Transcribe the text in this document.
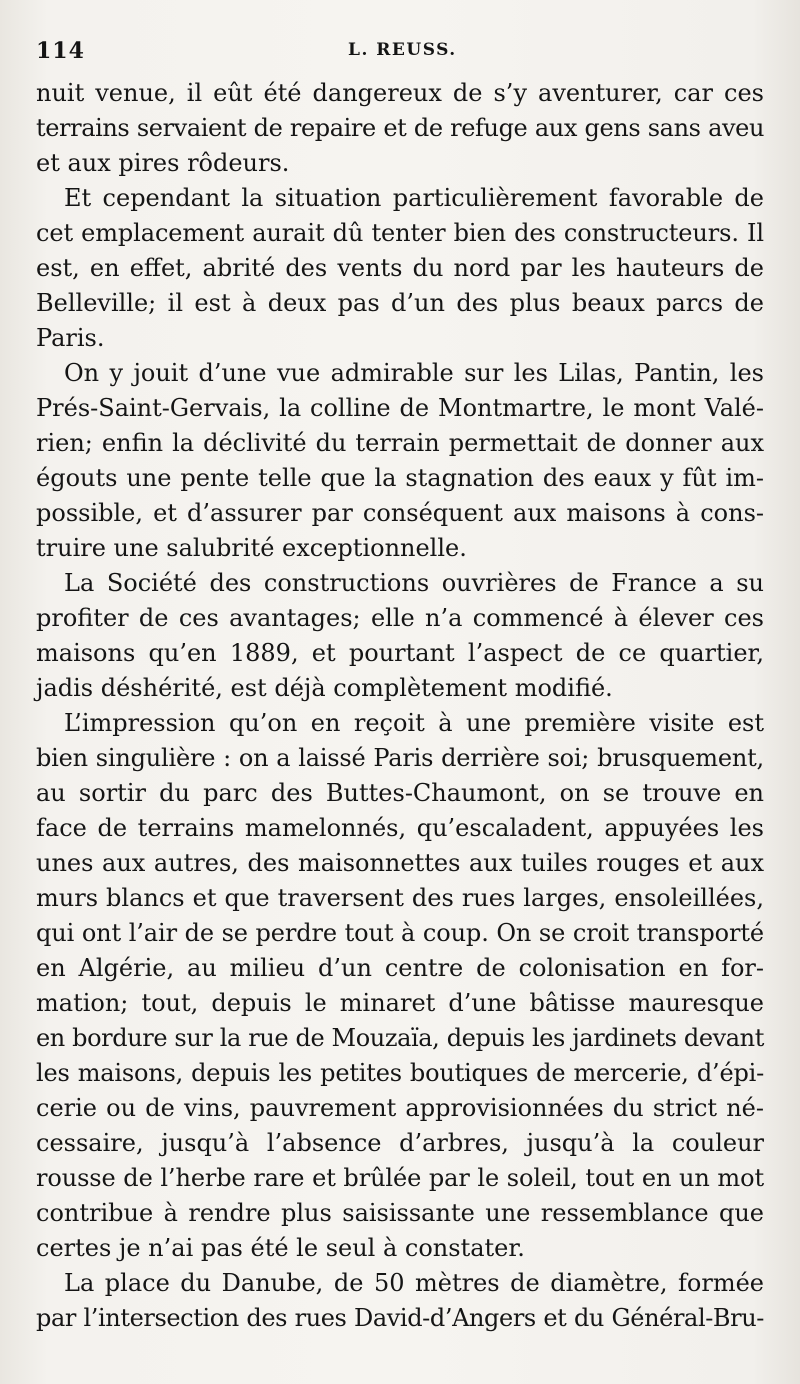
114	L. REUSS.
nuit venue, il eût été dangereux de s’y aventurer, car ces
terrains servaient de repaire et de refuge aux gens sans aveu
et aux pires rôdeurs.
Et cependant la situation particulièrement favorable de
cet emplacement aurait dû tenter bien des constructeurs. Il
est, en effet, abrité des vents du nord par les hauteurs de
Belleville; il est à deux pas d’un des plus beaux parcs de
Paris.
On y jouit d’une vue admirable sur les Lilas, Pantin, les
Prés-Saint-Gervais, la colline de Montmartre, le mont Valé-
rien; enfin la déclivité du terrain permettait de donner aux
égouts une pente telle que la stagnation des eaux y fût im-
possible, et d’assurer par conséquent aux maisons à cons-
truire une salubrité exceptionnelle.
La Société des constructions ouvrières de France a su
profiter de ces avantages; elle n’a commencé à élever ces
maisons qu’en 1889, et pourtant l’aspect de ce quartier,
jadis déshérité, est déjà complètement modifié.
L’impression qu’on en reçoit à une première visite est
bien singulière : on a laissé Paris derrière soi; brusquement,
au sortir du parc des Buttes-Chaumont, on se trouve en
face de terrains mamelonnés, qu’escaladent, appuyées les
unes aux autres, des maisonnettes aux tuiles rouges et aux
murs blancs et que traversent des rues larges, ensoleillées,
qui ont l’air de se perdre tout à coup. On se croit transporté
en Algérie, au milieu d’un centre de colonisation en for-
mation; tout, depuis le minaret d’une bâtisse mauresque
en bordure sur la rue de Mouzaïa, depuis les jardinets devant
les maisons, depuis les petites boutiques de mercerie, d’épi-
cerie ou de vins, pauvrement approvisionnées du strict né-
cessaire, jusqu’à l’absence d’arbres, jusqu’à la couleur
rousse de l’herbe rare et brûlée par le soleil, tout en un mot
contribue à rendre plus saisissante une ressemblance que
certes je n’ai pas été le seul à constater.
La place du Danube, de 50 mètres de diamètre, formée
par l’intersection des rues David-d’Angers et du Général-Bru-
